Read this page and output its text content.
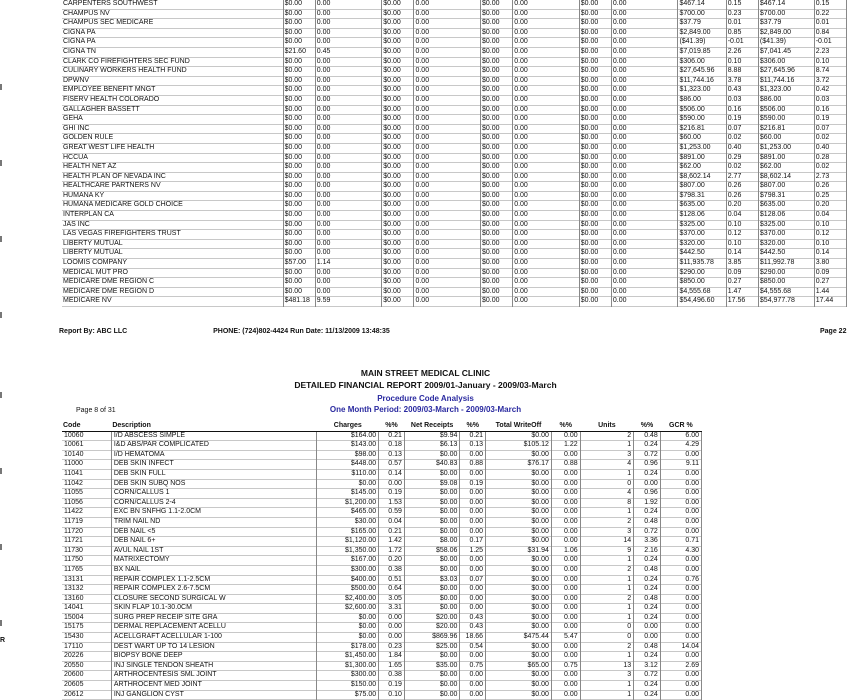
CARPENTERS SOUTHWEST	$0.00	0.00	$0.00	0.00	$0.00	0.00	$0.00	0.00	$467.14	0.15	$467.14	0.15
CHAMPUS NV	$0.00	0.00	$0.00	0.00	$0.00	0.00	$0.00	0.00	$700.00	0.23	$700.00	0.22
CHAMPUS SEC MEDICARE	$0.00	0.00	$0.00	0.00	$0.00	0.00	$0.00	0.00	$37.79	0.01	$37.79	0.01
CIGNA PA	$0.00	0.00	$0.00	0.00	$0.00	0.00	$0.00	0.00	$2,849.00	0.85	$2,849.00	0.84
CIGNA PA	$0.00	0.00	$0.00	0.00	$0.00	0.00	$0.00	0.00	($41.39)	-0.01	($41.39)	-0.01
CIGNA TN	$21.60	0.45	$0.00	0.00	$0.00	0.00	$0.00	0.00	$7,019.85	2.26	$7,041.45	2.23
CLARK CO FIREFIGHTERS SEC FUND	$0.00	0.00	$0.00	0.00	$0.00	0.00	$0.00	0.00	$306.00	0.10	$306.00	0.10
CULINARY WORKERS HEALTH FUND	$0.00	0.00	$0.00	0.00	$0.00	0.00	$0.00	0.00	$27,645.96	8.88	$27,645.96	8.74
DPWNV	$0.00	0.00	$0.00	0.00	$0.00	0.00	$0.00	0.00	$11,744.16	3.78	$11,744.16	3.72
EMPLOYEE BENEFIT MNGT	$0.00	0.00	$0.00	0.00	$0.00	0.00	$0.00	0.00	$1,323.00	0.43	$1,323.00	0.42
FISERV HEALTH COLORADO	$0.00	0.00	$0.00	0.00	$0.00	0.00	$0.00	0.00	$86.00	0.03	$86.00	0.03
GALLAGHER BASSETT	$0.00	0.00	$0.00	0.00	$0.00	0.00	$0.00	0.00	$506.00	0.16	$506.00	0.16
GEHA	$0.00	0.00	$0.00	0.00	$0.00	0.00	$0.00	0.00	$590.00	0.19	$590.00	0.19
GHI INC	$0.00	0.00	$0.00	0.00	$0.00	0.00	$0.00	0.00	$216.81	0.07	$216.81	0.07
GOLDEN RULE	$0.00	0.00	$0.00	0.00	$0.00	0.00	$0.00	0.00	$60.00	0.02	$60.00	0.02
GREAT WEST LIFE HEALTH	$0.00	0.00	$0.00	0.00	$0.00	0.00	$0.00	0.00	$1,253.00	0.40	$1,253.00	0.40
HCCUA	$0.00	0.00	$0.00	0.00	$0.00	0.00	$0.00	0.00	$891.00	0.29	$891.00	0.28
HEALTH NET AZ	$0.00	0.00	$0.00	0.00	$0.00	0.00	$0.00	0.00	$62.00	0.02	$62.00	0.02
HEALTH PLAN OF NEVADA INC	$0.00	0.00	$0.00	0.00	$0.00	0.00	$0.00	0.00	$8,602.14	2.77	$8,602.14	2.73
HEALTHCARE PARTNERS NV	$0.00	0.00	$0.00	0.00	$0.00	0.00	$0.00	0.00	$807.00	0.26	$807.00	0.26
HUMANA KY	$0.00	0.00	$0.00	0.00	$0.00	0.00	$0.00	0.00	$798.31	0.26	$798.31	0.25
HUMANA MEDICARE GOLD CHOICE	$0.00	0.00	$0.00	0.00	$0.00	0.00	$0.00	0.00	$635.00	0.20	$635.00	0.20
INTERPLAN CA	$0.00	0.00	$0.00	0.00	$0.00	0.00	$0.00	0.00	$128.06	0.04	$128.06	0.04
JAS INC	$0.00	0.00	$0.00	0.00	$0.00	0.00	$0.00	0.00	$325.00	0.10	$325.00	0.10
LAS VEGAS FIREFIGHTERS TRUST	$0.00	0.00	$0.00	0.00	$0.00	0.00	$0.00	0.00	$370.00	0.12	$370.00	0.12
LIBERTY MUTUAL	$0.00	0.00	$0.00	0.00	$0.00	0.00	$0.00	0.00	$320.00	0.10	$320.00	0.10
LIBERTY MUTUAL	$0.00	0.00	$0.00	0.00	$0.00	0.00	$0.00	0.00	$442.50	0.14	$442.50	0.14
LOOMIS COMPANY	$57.00	1.14	$0.00	0.00	$0.00	0.00	$0.00	0.00	$11,935.78	3.85	$11,992.78	3.80
MEDICAL MUT PRO	$0.00	0.00	$0.00	0.00	$0.00	0.00	$0.00	0.00	$290.00	0.09	$290.00	0.09
MEDICARE DME REGION C	$0.00	0.00	$0.00	0.00	$0.00	0.00	$0.00	0.00	$850.00	0.27	$850.00	0.27
MEDICARE DME REGION D	$0.00	0.00	$0.00	0.00	$0.00	0.00	$0.00	0.00	$4,555.68	1.47	$4,555.68	1.44
MEDICARE NV	$481.18	9.59	$0.00	0.00	$0.00	0.00	$0.00	0.00	$54,496.60	17.56	$54,977.78	17.44
Report By: ABC LLC	PHONE: (724)802-4424 Run Date: 11/13/2009 13:48:35	Page 22
MAIN STREET MEDICAL CLINIC
DETAILED FINANCIAL REPORT 2009/01-January - 2009/03-March
Procedure Code Analysis
One Month Period: 2009/03-March - 2009/03-March
Page 8 of 31
Code	Description	Charges	%%	Net Receipts	%%	Total WriteOff	%%	Units	%%	GCR %
10060	I/D ABSCESS SIMPLE	$164.00	0.21	$9.94	0.21	$0.00	0.00	2	0.48	6.00
10061	I&D ABS/PAR COMPLICATED	$143.00	0.18	$6.13	0.13	$105.12	1.22	1	0.24	4.29
10140	I/D HEMATOMA	$98.00	0.13	$0.00	0.00	$0.00	0.00	3	0.72	0.00
11000	DEB SKIN INFECT	$448.00	0.57	$40.83	0.88	$76.17	0.88	4	0.96	9.11
11041	DEB SKIN FULL	$110.00	0.14	$0.00	0.00	$0.00	0.00	1	0.24	0.00
11042	DEB SKIN SUBQ NOS	$0.00	0.00	$9.08	0.19	$0.00	0.00	0	0.00	0.00
11055	CORN/CALLUS 1	$145.00	0.19	$0.00	0.00	$0.00	0.00	4	0.96	0.00
11056	CORN/CALLUS 2-4	$1,200.00	1.53	$0.00	0.00	$0.00	0.00	8	1.92	0.00
11422	EXC BN SNFHG 1.1-2.0CM	$465.00	0.59	$0.00	0.00	$0.00	0.00	1	0.24	0.00
11719	TRIM NAIL ND	$30.00	0.04	$0.00	0.00	$0.00	0.00	2	0.48	0.00
11720	DEB NAIL <5	$165.00	0.21	$0.00	0.00	$0.00	0.00	3	0.72	0.00
11721	DEB NAIL 6+	$1,120.00	1.42	$8.00	0.17	$0.00	0.00	14	3.36	0.71
11730	AVUL NAIL 1ST	$1,350.00	1.72	$58.06	1.25	$31.94	1.06	9	2.16	4.30
11750	MATRIXECTOMY	$167.00	0.20	$0.00	0.00	$0.00	0.00	1	0.24	0.00
11765	BX NAIL	$300.00	0.38	$0.00	0.00	$0.00	0.00	2	0.48	0.00
13131	REPAIR COMPLEX 1.1-2.5CM	$400.00	0.51	$3.03	0.07	$0.00	0.00	1	0.24	0.76
13132	REPAIR COMPLEX 2.6-7.5CM	$500.00	0.64	$0.00	0.00	$0.00	0.00	1	0.24	0.00
13160	CLOSURE SECOND SURGICAL W	$2,400.00	3.05	$0.00	0.00	$0.00	0.00	2	0.48	0.00
14041	SKIN FLAP 10.1-30.0CM	$2,600.00	3.31	$0.00	0.00	$0.00	0.00	1	0.24	0.00
15004	SURG PREP RECEIP SITE GRA	$0.00	0.00	$20.00	0.43	$0.00	0.00	1	0.24	0.00
15175	DERMAL REPLACEMENT ACELLU	$0.00	0.00	$20.00	0.43	$0.00	0.00	0	0.00	0.00
15430	ACELLGRAFT ACELLULAR 1-100	$0.00	0.00	$869.96	18.66	$475.44	5.47	0	0.00	0.00
17110	DEST WART UP TO 14 LESION	$178.00	0.23	$25.00	0.54	$0.00	0.00	2	0.48	14.04
20226	BIOPSY BONE DEEP	$1,450.00	1.84	$0.00	0.00	$0.00	0.00	1	0.24	0.00
20550	INJ SINGLE TENDON SHEATH	$1,300.00	1.65	$35.00	0.75	$65.00	0.75	13	3.12	2.69
20600	ARTHROCENTESIS SML JOINT	$300.00	0.38	$0.00	0.00	$0.00	0.00	3	0.72	0.00
20605	ARTHROCENT MED JOINT	$150.00	0.19	$0.00	0.00	$0.00	0.00	1	0.24	0.00
20612	INJ GANGLION CYST	$75.00	0.10	$0.00	0.00	$0.00	0.00	1	0.24	0.00
R
